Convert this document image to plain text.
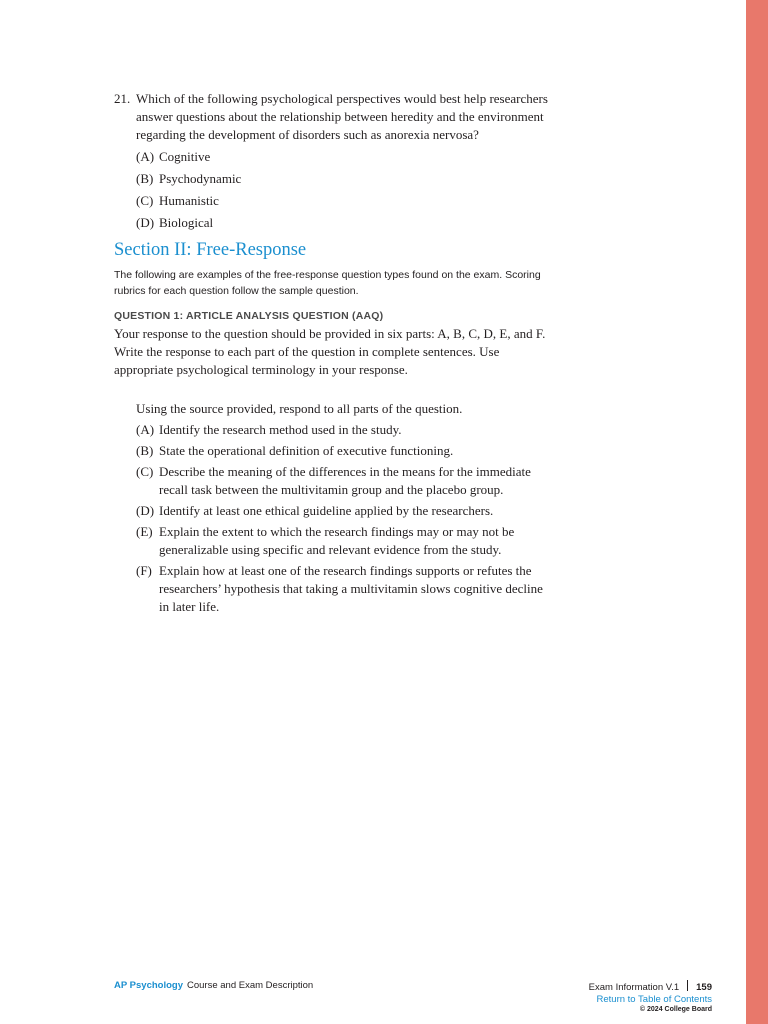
21. Which of the following psychological perspectives would best help researchers answer questions about the relationship between heredity and the environment regarding the development of disorders such as anorexia nervosa?
(A) Cognitive
(B) Psychodynamic
(C) Humanistic
(D) Biological
Section II: Free-Response
The following are examples of the free-response question types found on the exam. Scoring rubrics for each question follow the sample question.
QUESTION 1: ARTICLE ANALYSIS QUESTION (AAQ)
Your response to the question should be provided in six parts: A, B, C, D, E, and F. Write the response to each part of the question in complete sentences. Use appropriate psychological terminology in your response.
Using the source provided, respond to all parts of the question.
(A) Identify the research method used in the study.
(B) State the operational definition of executive functioning.
(C) Describe the meaning of the differences in the means for the immediate recall task between the multivitamin group and the placebo group.
(D) Identify at least one ethical guideline applied by the researchers.
(E) Explain the extent to which the research findings may or may not be generalizable using specific and relevant evidence from the study.
(F) Explain how at least one of the research findings supports or refutes the researchers’ hypothesis that taking a multivitamin slows cognitive decline in later life.
AP Psychology Course and Exam Description	Exam Information V.1 159
Return to Table of Contents
© 2024 College Board
